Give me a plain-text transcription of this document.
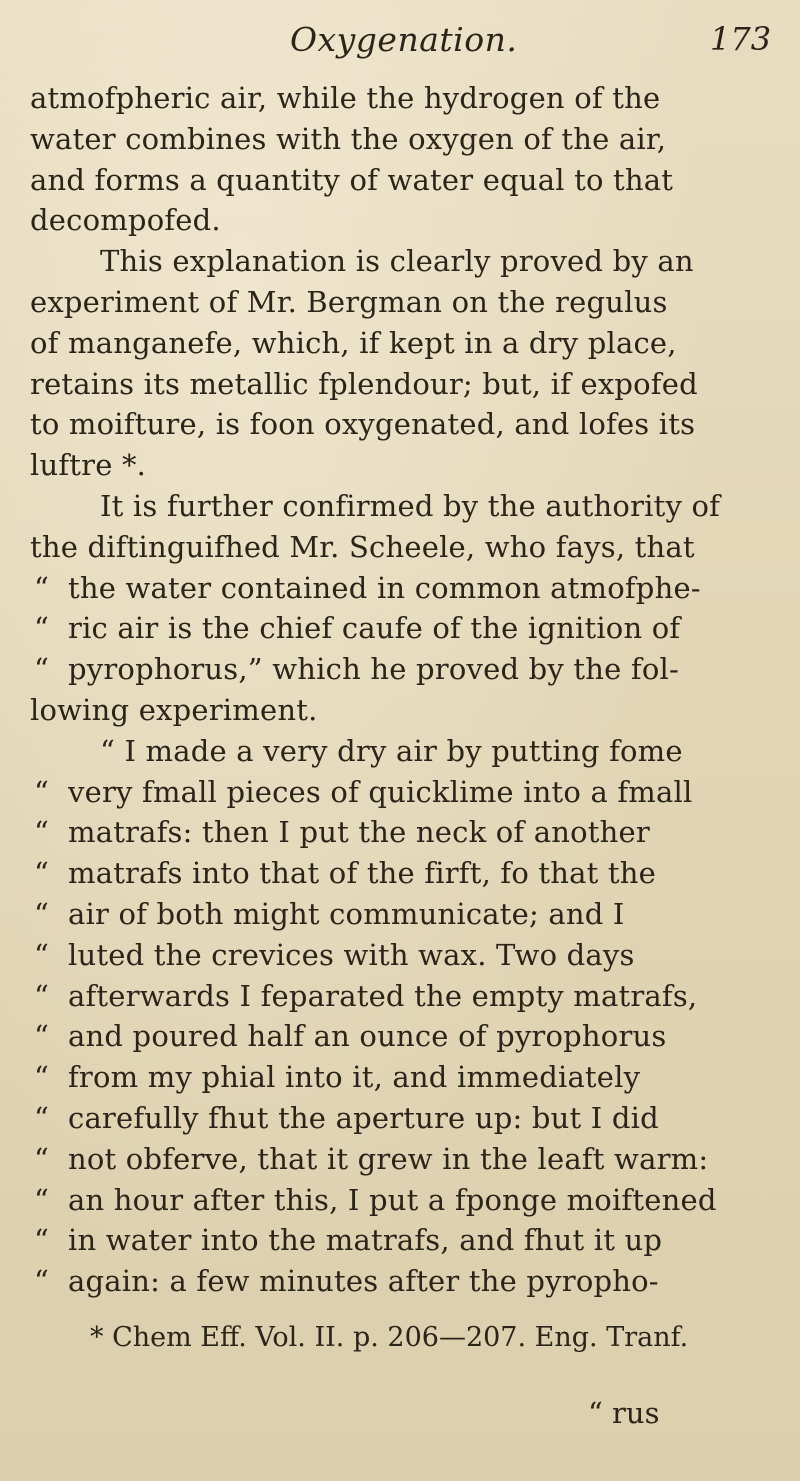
Oxygenation.	173
atmofpheric air, while the hydrogen of the
water combines with the oxygen of the air,
and forms a quantity of water equal to that
decompofed.
This explanation is clearly proved by an
experiment of Mr. Bergman on the regulus
of manganefe, which, if kept in a dry place,
retains its metallic fplendour; but, if expofed
to moifture, is foon oxygenated, and lofes its
luftre *.
It is further confirmed by the authority of
the diftinguifhed Mr. Scheele, who fays, that
“ the water contained in common atmofphe-
“ ric air is the chief caufe of the ignition of
“ pyrophorus,” which he proved by the fol-
lowing experiment.
“ I made a very dry air by putting fome
“ very fmall pieces of quicklime into a fmall
“ matrafs: then I put the neck of another
“ matrafs into that of the firft, fo that the
“ air of both might communicate; and I
“ luted the crevices with wax. Two days
“ afterwards I feparated the empty matrafs,
“ and poured half an ounce of pyrophorus
“ from my phial into it, and immediately
“ carefully fhut the aperture up: but I did
“ not obferve, that it grew in the leaft warm:
“ an hour after this, I put a fponge moiftened
“ in water into the matrafs, and fhut it up
“ again: a few minutes after the pyropho-
* Chem Eff. Vol. II. p. 206—207. Eng. Tranf.
“ rus
